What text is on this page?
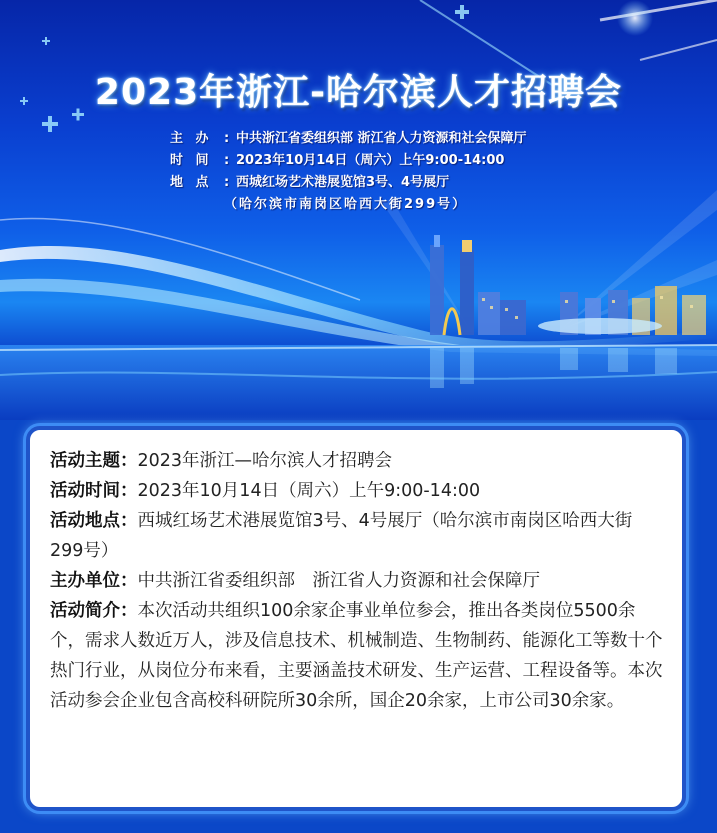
2023年浙江-哈尔滨人才招聘会
主 办 : 中共浙江省委组织部 浙江省人力资源和社会保障厅
时 间 : 2023年10月14日（周六）上午9:00-14:00
地 点 : 西城红场艺术港展览馆3号、4号展厅
（哈尔滨市南岗区哈西大街299号）

活动主题：2023年浙江—哈尔滨人才招聘会

活动时间：2023年10月14日（周六）上午9:00-14:00

活动地点：西城红场艺术港展览馆3号、4号展厅（哈尔滨市南岗区哈西大街299号）

主办单位：中共浙江省委组织部　浙江省人力资源和社会保障厅

活动简介：本次活动共组织100余家企事业单位参会，推出各类岗位5500余个，需求人数近万人，涉及信息技术、机械制造、生物制药、能源化工等数十个热门行业，从岗位分布来看，主要涵盖技术研发、生产运营、工程设备等。本次活动参会企业包含高校科研院所30余所，国企20余家，上市公司30余家。
